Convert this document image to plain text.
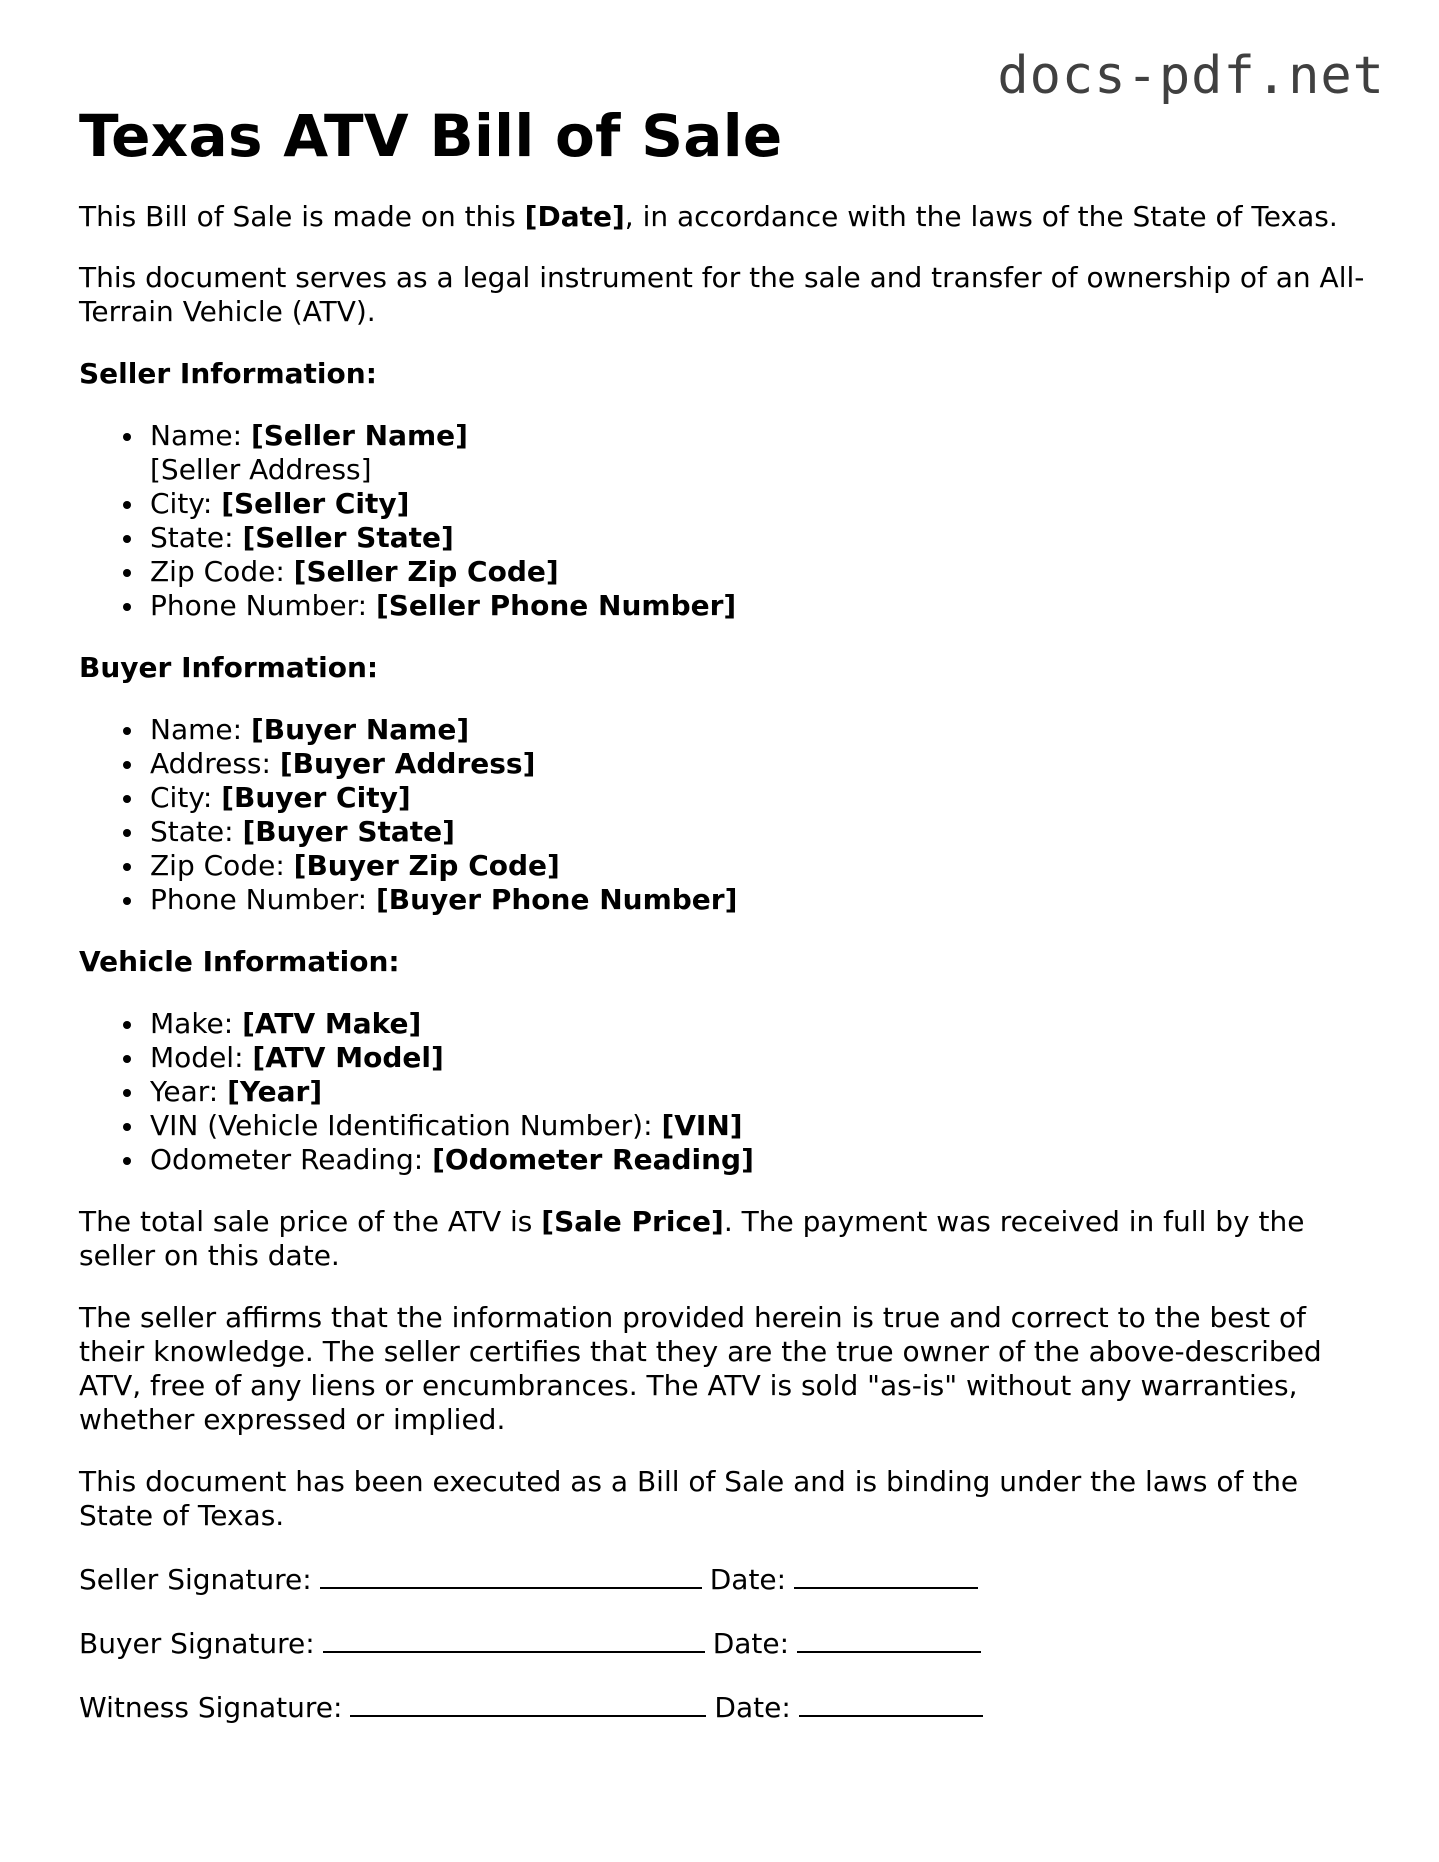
docs-pdf.net
Texas ATV Bill of Sale

This Bill of Sale is made on this [Date], in accordance with the laws of the State of Texas.

This document serves as a legal instrument for the sale and transfer of ownership of an All-Terrain Vehicle (ATV).

Seller Information:

Name: [Seller Name]
[Seller Address]
City: [Seller City]
State: [Seller State]
Zip Code: [Seller Zip Code]
Phone Number: [Seller Phone Number]

Buyer Information:

Name: [Buyer Name]
Address: [Buyer Address]
City: [Buyer City]
State: [Buyer State]
Zip Code: [Buyer Zip Code]
Phone Number: [Buyer Phone Number]

Vehicle Information:

Make: [ATV Make]
Model: [ATV Model]
Year: [Year]
VIN (Vehicle Identification Number): [VIN]
Odometer Reading: [Odometer Reading]

The total sale price of the ATV is [Sale Price]. The payment was received in full by the seller on this date.

The seller affirms that the information provided herein is true and correct to the best of their knowledge. The seller certifies that they are the true owner of the above-described ATV, free of any liens or encumbrances. The ATV is sold "as-is" without any warranties, whether expressed or implied.

This document has been executed as a Bill of Sale and is binding under the laws of the State of Texas.

Seller Signature:	Date:
Buyer Signature:	Date:
Witness Signature:	Date:
